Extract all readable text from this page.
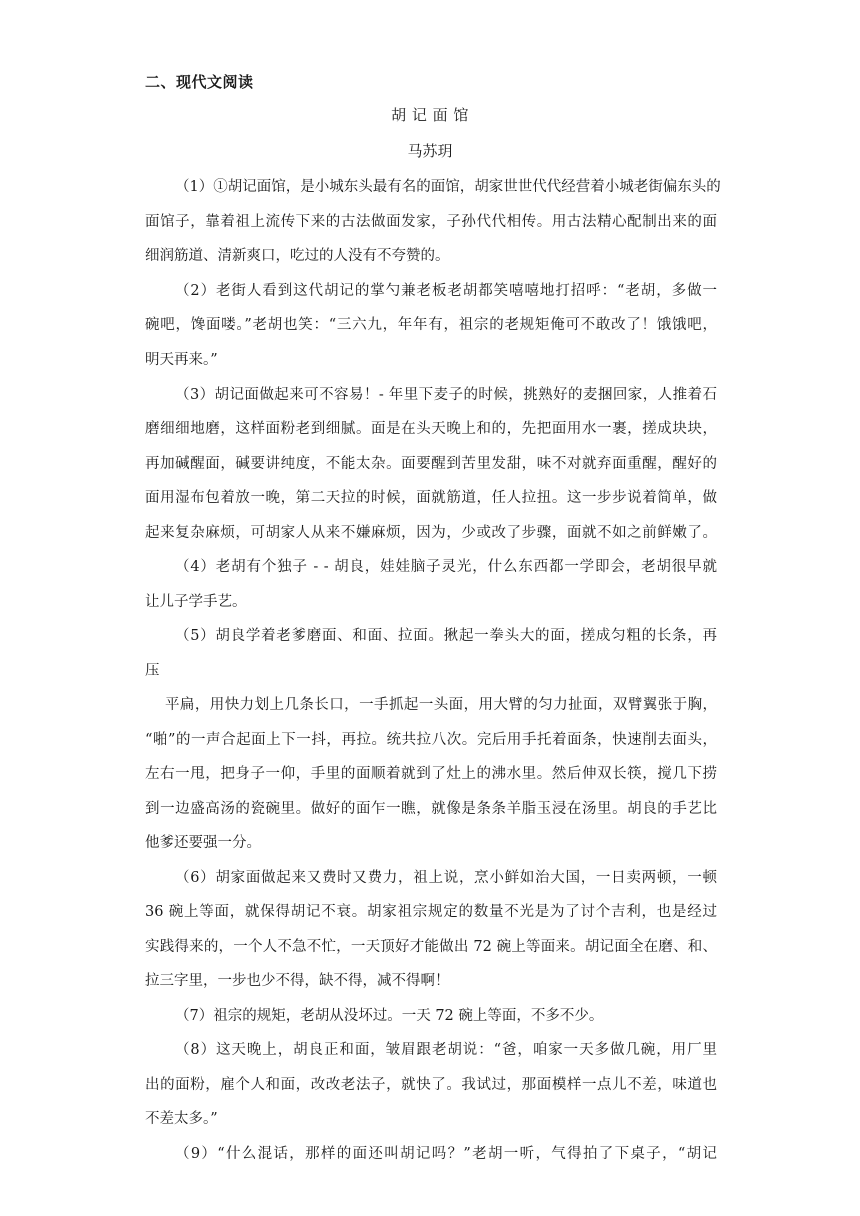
二、现代文阅读
胡 记 面 馆
马苏玥
（1）①胡记面馆，是小城东头最有名的面馆，胡家世世代代经营着小城老街偏东头的
面馆子，靠着祖上流传下来的古法做面发家，子孙代代相传。用古法精心配制出来的面
细润筋道、清新爽口，吃过的人没有不夸赞的。
（2）老街人看到这代胡记的掌勺兼老板老胡都笑嘻嘻地打招呼：“老胡，多做一
碗吧，馋面喽。”老胡也笑：“三六九，年年有，祖宗的老规矩俺可不敢改了！饿饿吧，
明天再来。”
（3）胡记面做起来可不容易！- 年里下麦子的时候，挑熟好的麦捆回家，人推着石
磨细细地磨，这样面粉老到细腻。面是在头天晚上和的，先把面用水一裹，搓成块块，
再加碱醒面，碱要讲纯度，不能太杂。面要醒到苦里发甜，味不对就弃面重醒，醒好的
面用湿布包着放一晚，第二天拉的时候，面就筋道，任人拉扭。这一步步说着简单，做
起来复杂麻烦，可胡家人从来不嫌麻烦，因为，少或改了步骤，面就不如之前鲜嫩了。
（4）老胡有个独子 - - 胡良，娃娃脑子灵光，什么东西都一学即会，老胡很早就
让儿子学手艺。
（5）胡良学着老爹磨面、和面、拉面。揪起一拳头大的面，搓成匀粗的长条，再
压
平扁，用快力划上几条长口，一手抓起一头面，用大臂的匀力扯面，双臂翼张于胸，
“啪”的一声合起面上下一抖，再拉。统共拉八次。完后用手托着面条，快速削去面头，
左右一甩，把身子一仰，手里的面顺着就到了灶上的沸水里。然后伸双长筷，搅几下捞
到一边盛高汤的瓷碗里。做好的面乍一瞧，就像是条条羊脂玉浸在汤里。胡良的手艺比
他爹还要强一分。
（6）胡家面做起来又费时又费力，祖上说，烹小鲜如治大国，一日卖两顿，一顿
36 碗上等面，就保得胡记不衰。胡家祖宗规定的数量不光是为了讨个吉利，也是经过
实践得来的，一个人不急不忙，一天顶好才能做出 72 碗上等面来。胡记面全在磨、和、
拉三字里，一步也少不得，缺不得，减不得啊！
（7）祖宗的规矩，老胡从没坏过。一天 72 碗上等面，不多不少。
（8）这天晚上，胡良正和面，皱眉跟老胡说：“爸，咱家一天多做几碗，用厂里
出的面粉，雇个人和面，改改老法子，就快了。我试过，那面模样一点儿不差，味道也
不差太多。”
（9）“什么混话，那样的面还叫胡记吗？”老胡一听，气得拍了下桌子，“胡记
